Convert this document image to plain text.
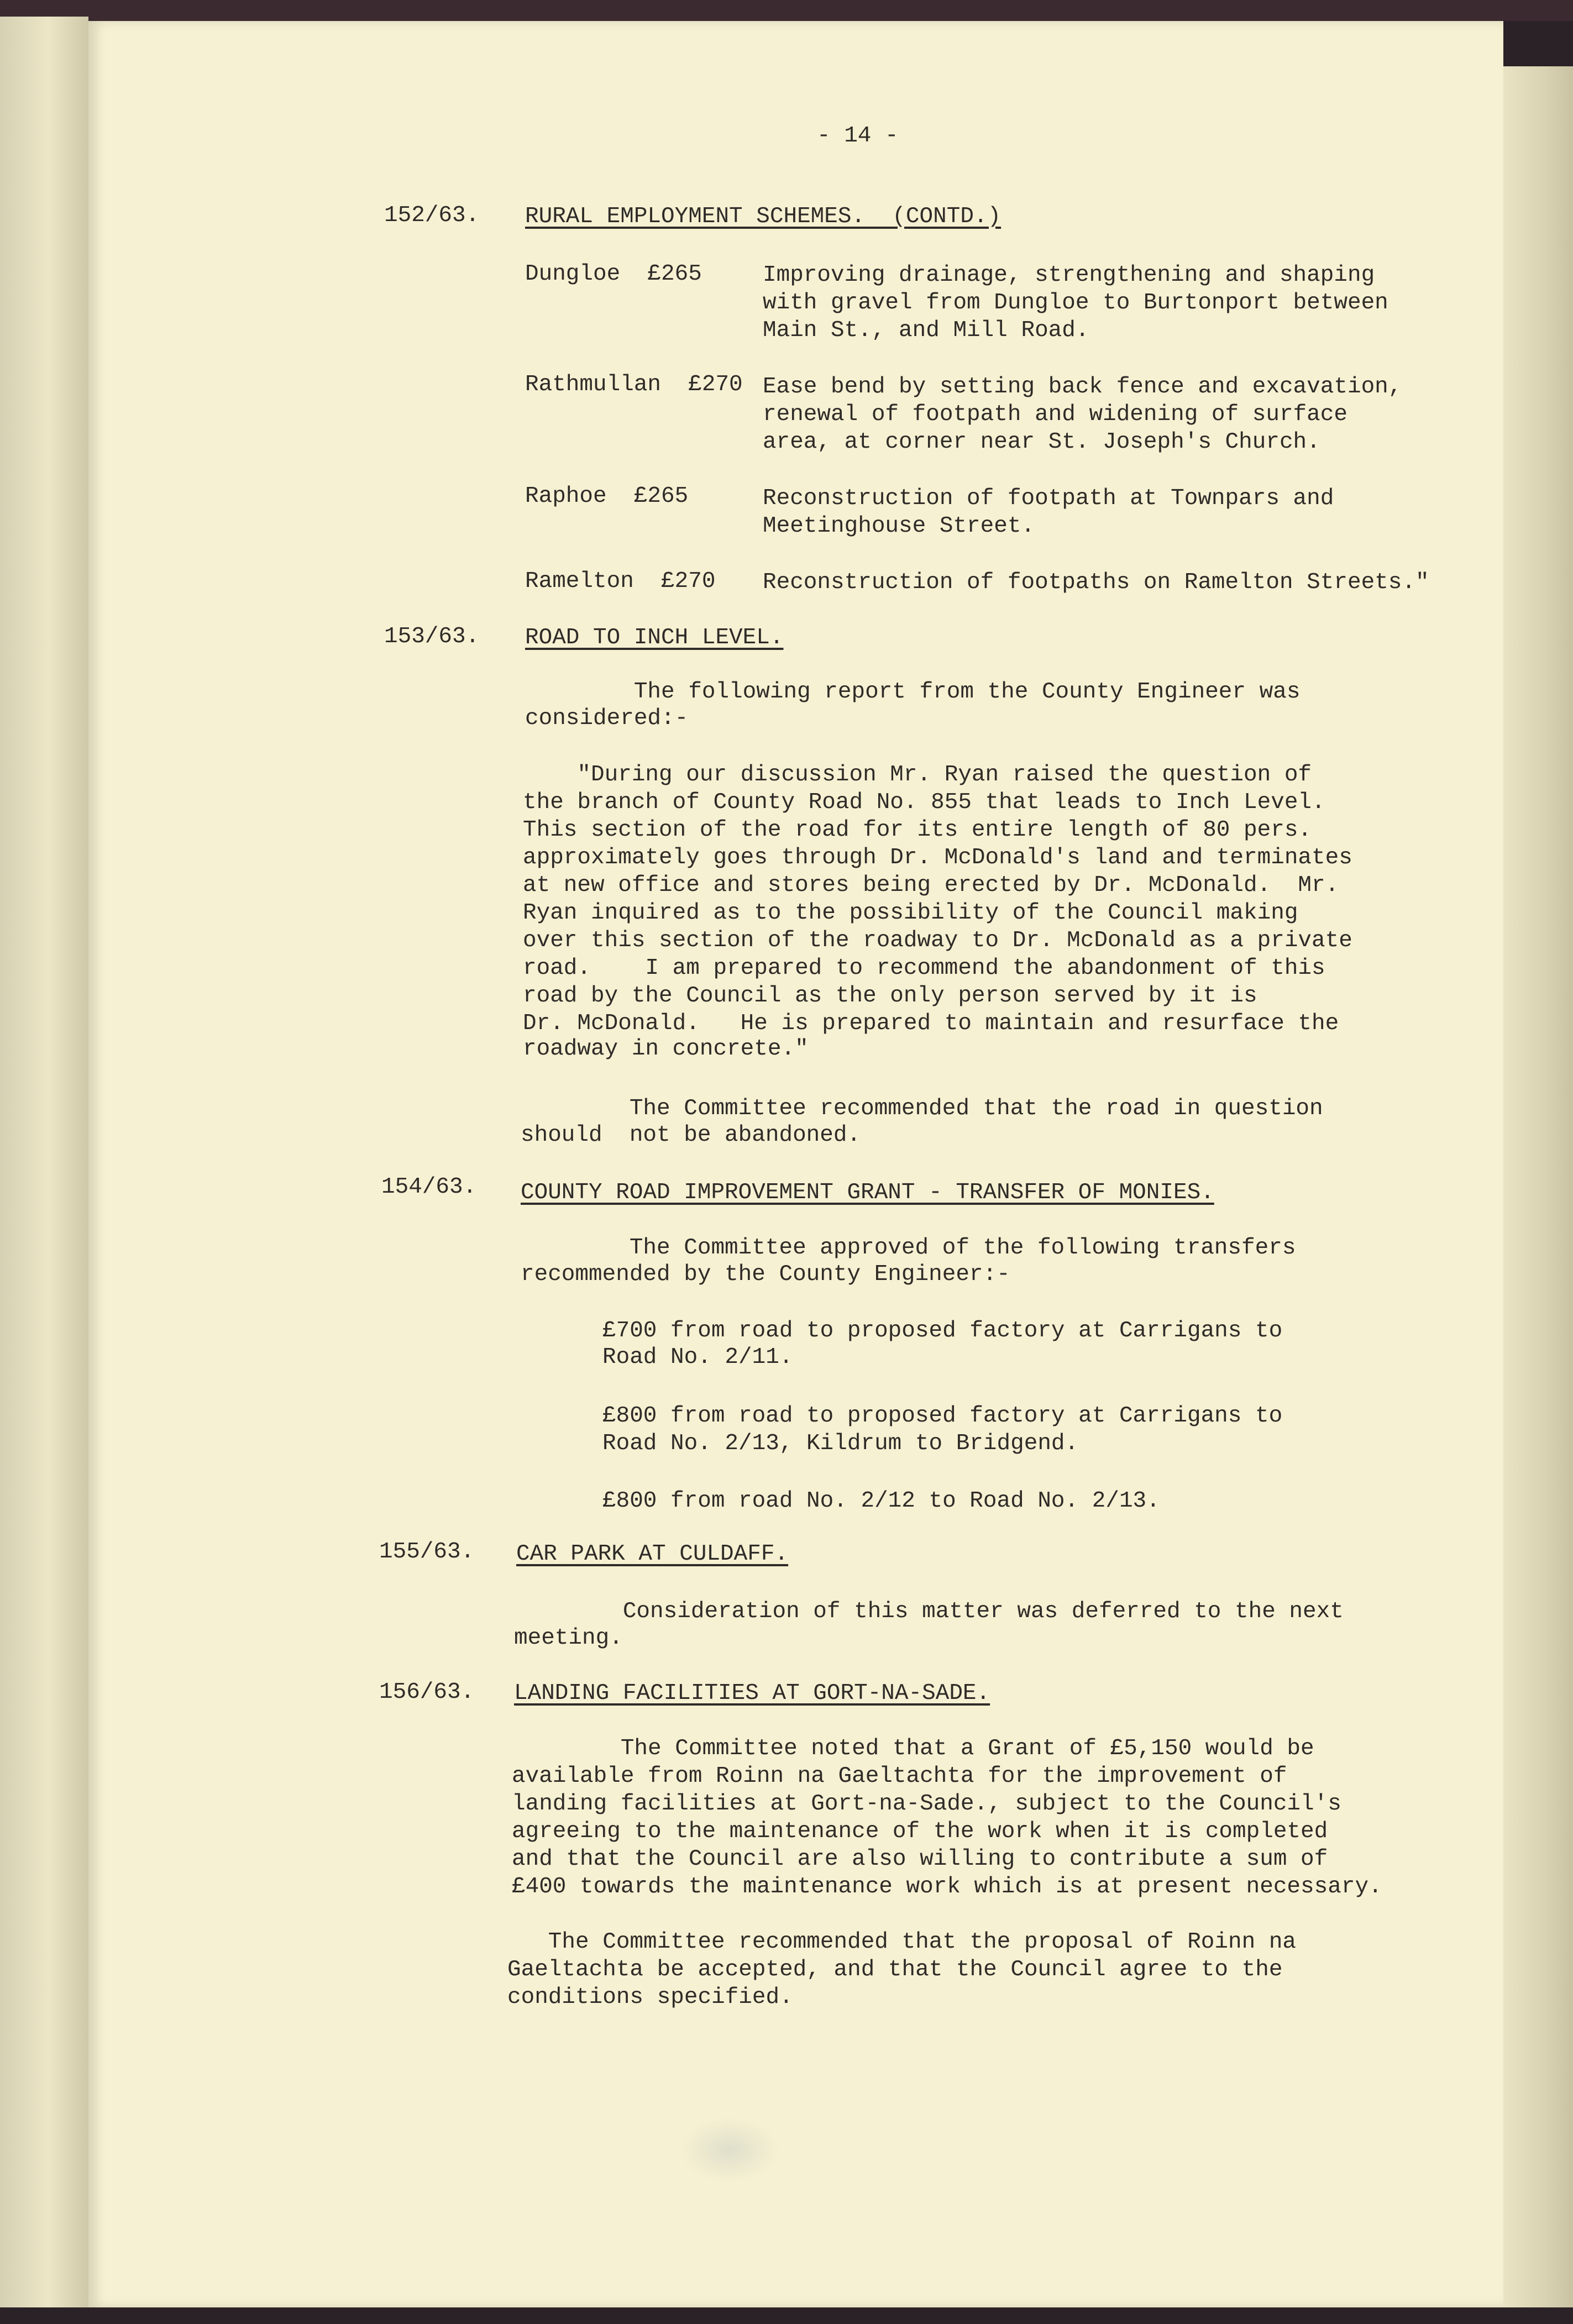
- 14 -
152/63. RURAL EMPLOYMENT SCHEMES.  (CONTD.)
Dungloe  £265	Improving drainage, strengthening and shaping
with gravel from Dungloe to Burtonport between
Main St., and Mill Road.
Rathmullan  £270 Ease bend by setting back fence and excavation,
renewal of footpath and widening of surface
area, at corner near St. Joseph's Church.
Raphoe  £265	Reconstruction of footpath at Townpars and
Meetinghouse Street.
Ramelton  £270 Reconstruction of footpaths on Ramelton Streets."
153/63. ROAD TO INCH LEVEL.
The following report from the County Engineer was
considered:-
"During our discussion Mr. Ryan raised the question of
the branch of County Road No. 855 that leads to Inch Level.
This section of the road for its entire length of 80 pers.
approximately goes through Dr. McDonald's land and terminates
at new office and stores being erected by Dr. McDonald.  Mr.
Ryan inquired as to the possibility of the Council making
over this section of the roadway to Dr. McDonald as a private
road.    I am prepared to recommend the abandonment of this
road by the Council as the only person served by it is
Dr. McDonald.   He is prepared to maintain and resurface the
roadway in concrete."
The Committee recommended that the road in question
should  not be abandoned.
154/63. COUNTY ROAD IMPROVEMENT GRANT - TRANSFER OF MONIES.
The Committee approved of the following transfers
recommended by the County Engineer:-
£700 from road to proposed factory at Carrigans to
Road No. 2/11.
£800 from road to proposed factory at Carrigans to
Road No. 2/13, Kildrum to Bridgend.
£800 from road No. 2/12 to Road No. 2/13.
155/63. CAR PARK AT CULDAFF.
Consideration of this matter was deferred to the next
meeting.
156/63. LANDING FACILITIES AT GORT-NA-SADE.
The Committee noted that a Grant of £5,150 would be
available from Roinn na Gaeltachta for the improvement of
landing facilities at Gort-na-Sade., subject to the Council's
agreeing to the maintenance of the work when it is completed
and that the Council are also willing to contribute a sum of
£400 towards the maintenance work which is at present necessary.
The Committee recommended that the proposal of Roinn na
Gaeltachta be accepted, and that the Council agree to the
conditions specified.
